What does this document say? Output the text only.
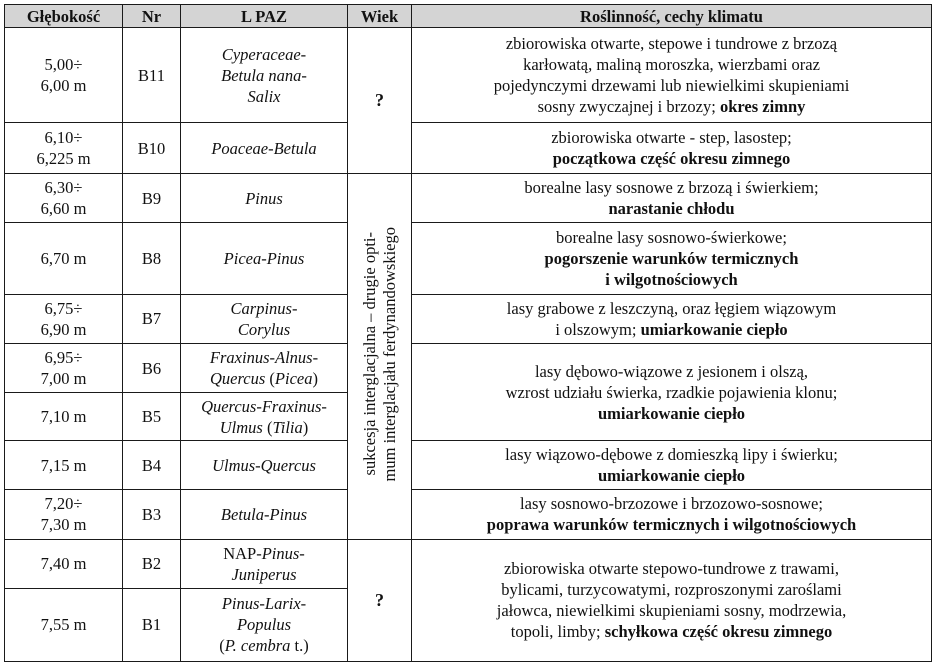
Głębokość	Nr	L PAZ	Wiek	Roślinność, cechy klimatu
5,00÷
6,00 m	B11	Cyperaceae-
Betula nana-
Salix	?	zbiorowiska otwarte, stepowe i tundrowe z brzozą
karłowatą, maliną moroszka, wierzbami oraz
pojedynczymi drzewami lub niewielkimi skupieniami
sosny zwyczajnej i brzozy; okres zimny
6,10÷
6,225 m	B10	Poaceae-Betula		zbiorowiska otwarte - step, lasostep;
początkowa część okresu zimnego
6,30÷
6,60 m	B9	Pinus	sukcesja interglacjalna – drugie opti- mum interglacjału ferdynandowskiego	borealne lasy sosnowe z brzozą i świerkiem;
narastanie chłodu
6,70 m	B8	Picea-Pinus		borealne lasy sosnowo-świerkowe;
pogorszenie warunków termicznych
i wilgotnościowych
6,75÷
6,90 m	B7	Carpinus-
Corylus		lasy grabowe z leszczyną, oraz łęgiem wiązowym
i olszowym; umiarkowanie ciepło
6,95÷
7,00 m	B6	Fraxinus-Alnus-
Quercus (Picea)		lasy dębowo-wiązowe z jesionem i olszą,
wzrost udziału świerka, rzadkie pojawienia klonu;
umiarkowanie ciepło
7,10 m	B5	Quercus-Fraxinus-
Ulmus (Tilia)		
7,15 m	B4	Ulmus-Quercus		lasy wiązowo-dębowe z domieszką lipy i świerku;
umiarkowanie ciepło
7,20÷
7,30 m	B3	Betula-Pinus		lasy sosnowo-brzozowe i brzozowo-sosnowe;
poprawa warunków termicznych i wilgotnościowych
7,40 m	B2	NAP-Pinus-
Juniperus	?	zbiorowiska otwarte stepowo-tundrowe z trawami,
bylicami, turzycowatymi, rozproszonymi zaroślami
jałowca, niewielkimi skupieniami sosny, modrzewia,
topoli, limby; schyłkowa część okresu zimnego
7,55 m	B1	Pinus-Larix-
Populus
(P. cembra t.)		
